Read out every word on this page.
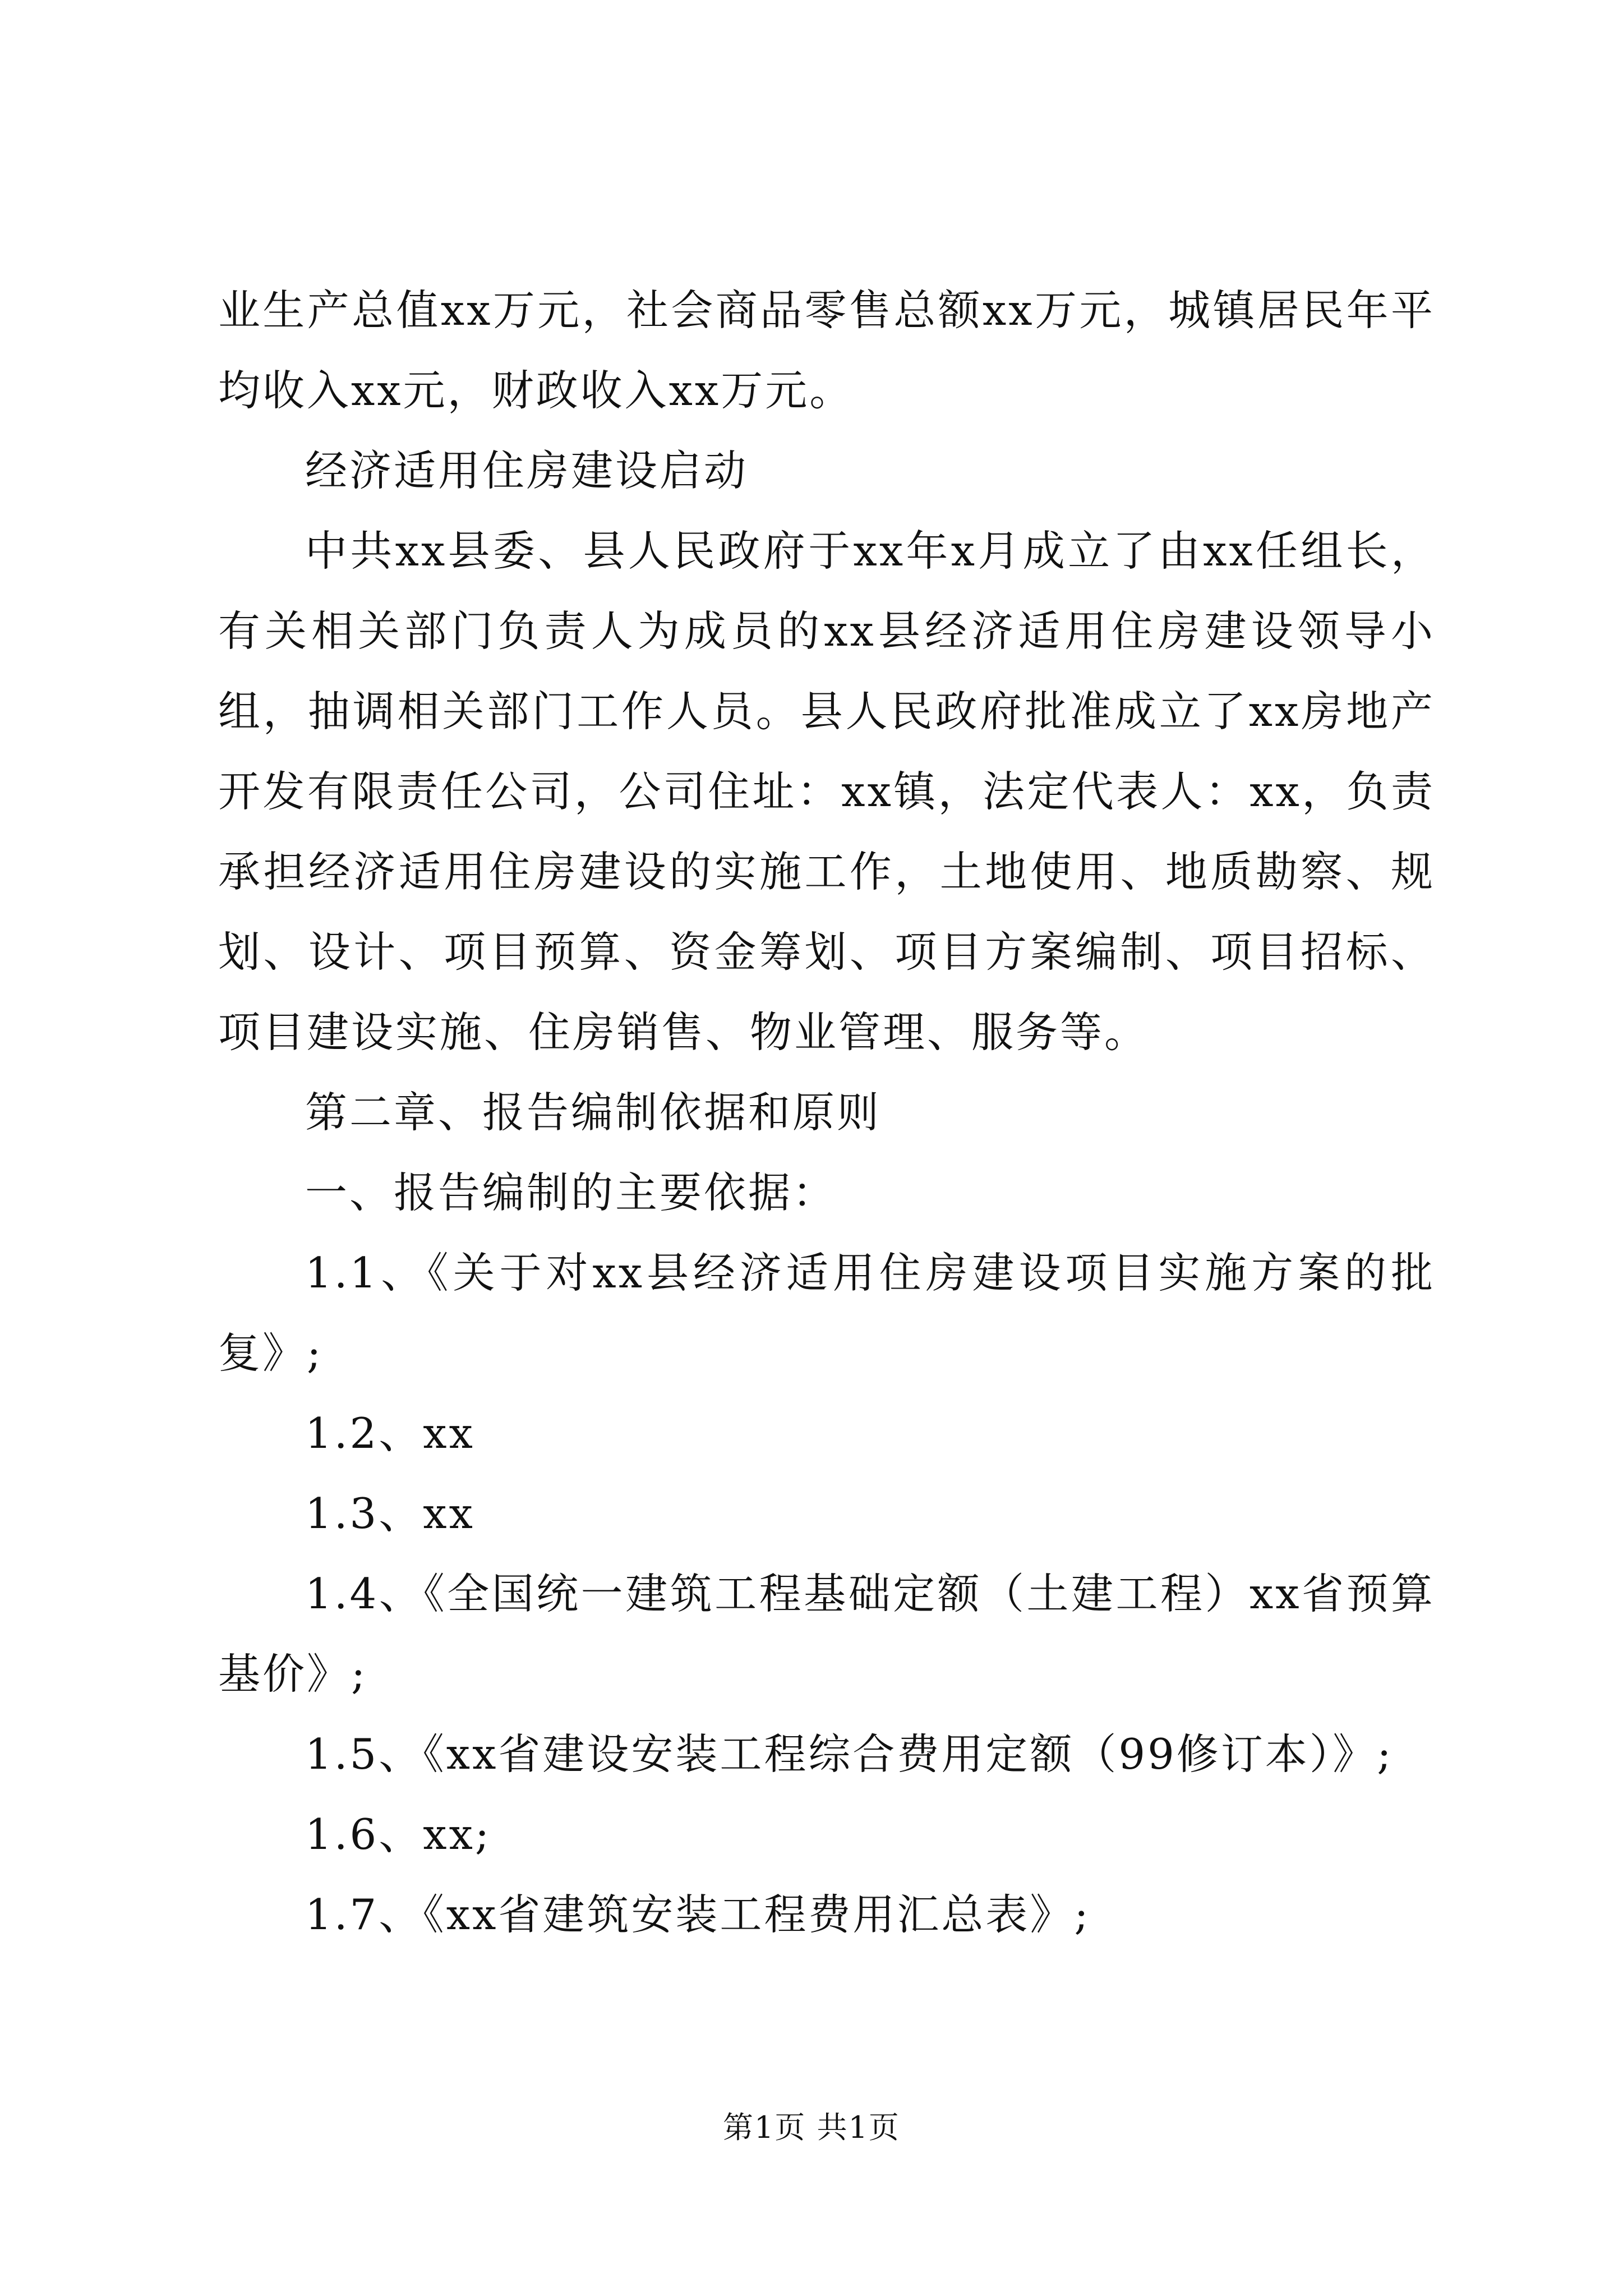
业生产总值xx万元，社会商品零售总额xx万元，城镇居民年平均收入xx元，财政收入xx万元。

经济适用住房建设启动

中共xx县委、县人民政府于xx年x月成立了由xx任组长，有关相关部门负责人为成员的xx县经济适用住房建设领导小组，抽调相关部门工作人员。县人民政府批准成立了xx房地产开发有限责任公司，公司住址：xx镇，法定代表人：xx，负责承担经济适用住房建设的实施工作，土地使用、地质勘察、规划、设计、项目预算、资金筹划、项目方案编制、项目招标、项目建设实施、住房销售、物业管理、服务等。

第二章、报告编制依据和原则

一、报告编制的主要依据：

1.1、《关于对xx县经济适用住房建设项目实施方案的批复》;

1.2、xx

1.3、xx

1.4、《全国统一建筑工程基础定额（土建工程）xx省预算基价》;

1.5、《xx省建设安装工程综合费用定额（99修订本）》;

1.6、xx;

1.7、《xx省建筑安装工程费用汇总表》;

第1页 共1页
